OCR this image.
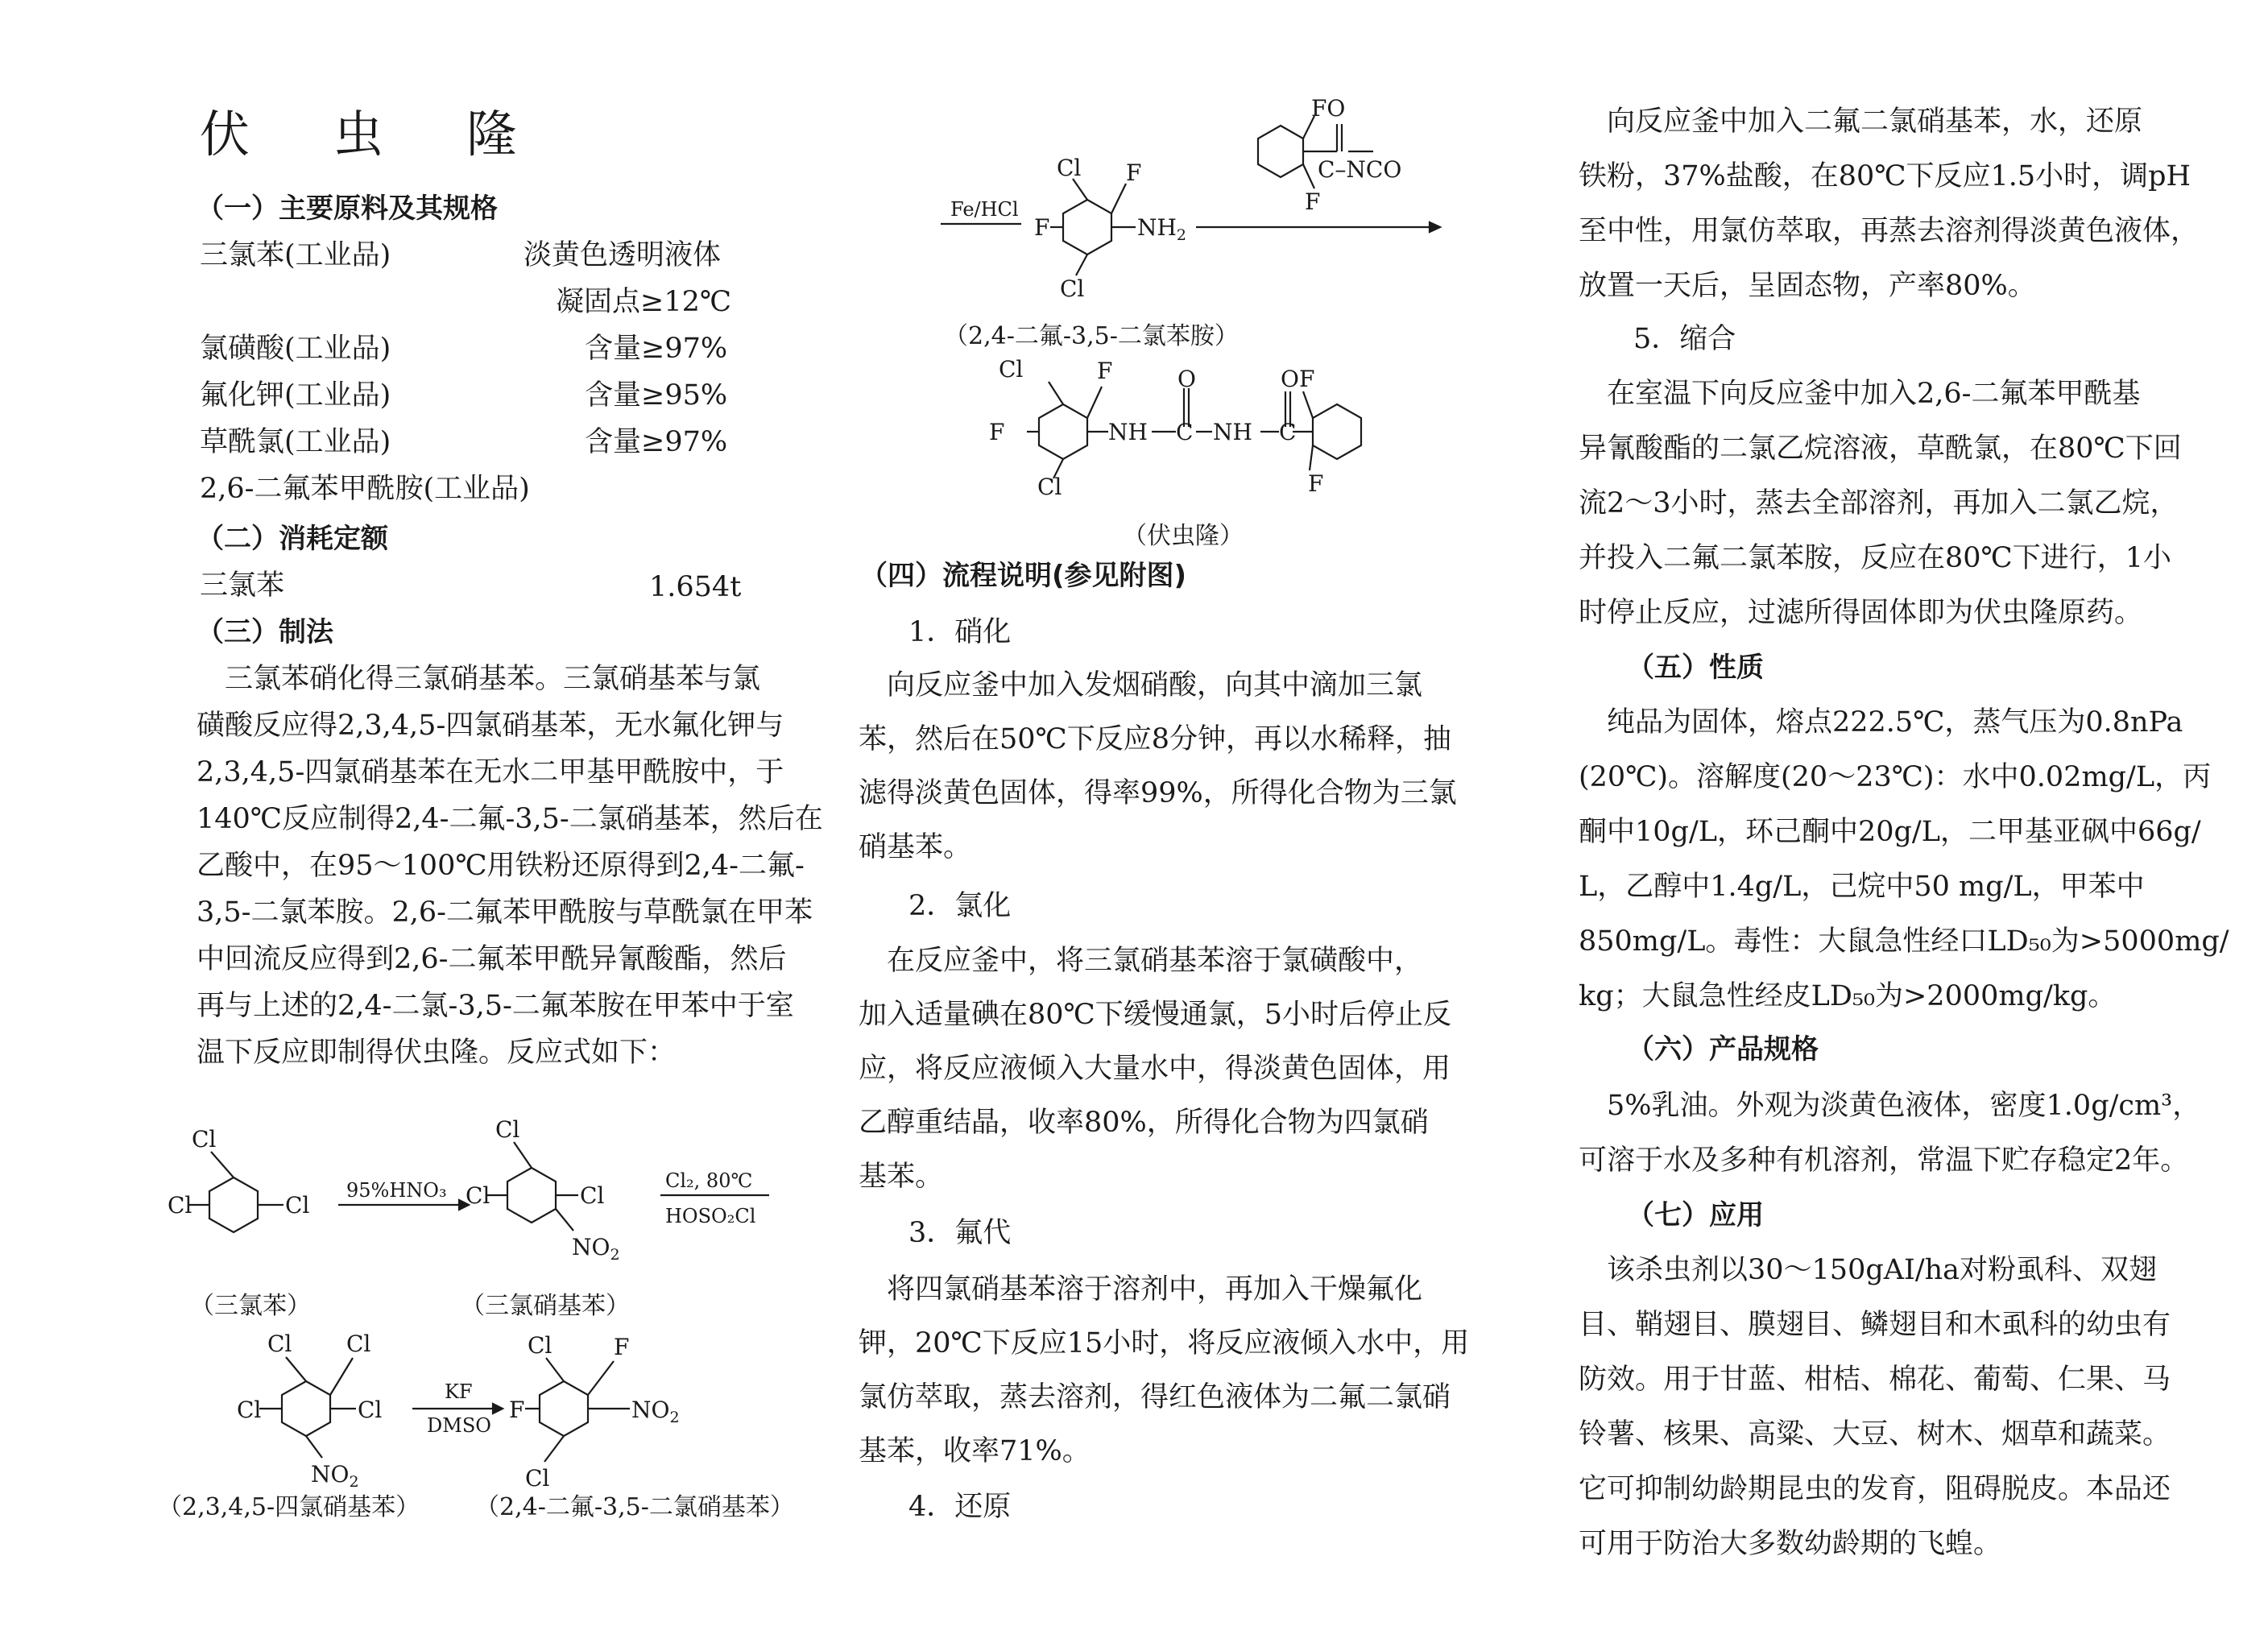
伏 虫 隆
（一）主要原料及其规格
三氯苯(工业品)	淡黄色透明液体
凝固点≥12℃
氯磺酸(工业品)	含量≥97%
氟化钾(工业品)	含量≥95%
草酰氯(工业品)	含量≥97%
2,6-二氟苯甲酰胺(工业品)
（二）消耗定额
三氯苯	1.654t
（三）制法
　三氯苯硝化得三氯硝基苯。三氯硝基苯与氯
磺酸反应得2,3,4,5-四氯硝基苯，无水氟化钾与
2,3,4,5-四氯硝基苯在无水二甲基甲酰胺中，于
140℃反应制得2,4-二氟-3,5-二氯硝基苯，然后在
乙酸中，在95～100℃用铁粉还原得到2,4-二氟-
3,5-二氯苯胺。2,6-二氟苯甲酰胺与草酰氯在甲苯
中回流反应得到2,6-二氟苯甲酰异氰酸酯，然后
再与上述的2,4-二氯-3,5-二氟苯胺在甲苯中于室
温下反应即制得伏虫隆。反应式如下：
Cl
Cl	Cl
Cl
Cl	Cl
$NO_2$
Cl Cl
Cl	Cl
$NO_2$
Cl	F
F	$NO_2$
Cl
95%HNO₃	Cl₂, 80℃
HOSO₂Cl
KF
DMSO
（三氯苯）	（三氯硝基苯）
（2,3,4,5-四氯硝基苯） （2,4-二氟-3,5-二氯硝基苯）
FO
C–NCO
F
Cl F
F	$NH_2$
Cl
Cl	F
F	NH C
O
NH C
OF
Cl	F
Fe/HCl
（2,4-二氟-3,5-二氯苯胺）
（伏虫隆）
（四）流程说明(参见附图)
1．硝化
　向反应釜中加入发烟硝酸，向其中滴加三氯
苯，然后在50℃下反应8分钟，再以水稀释，抽
滤得淡黄色固体，得率99%，所得化合物为三氯
硝基苯。
2．氯化
　在反应釜中，将三氯硝基苯溶于氯磺酸中，
加入适量碘在80℃下缓慢通氯，5小时后停止反
应，将反应液倾入大量水中，得淡黄色固体，用
乙醇重结晶，收率80%，所得化合物为四氯硝
基苯。
3．氟代
　将四氯硝基苯溶于溶剂中，再加入干燥氟化
钾，20℃下反应15小时，将反应液倾入水中，用
氯仿萃取，蒸去溶剂，得红色液体为二氟二氯硝
基苯，收率71%。
4．还原
　向反应釜中加入二氟二氯硝基苯，水，还原
铁粉，37%盐酸，在80℃下反应1.5小时，调pH
至中性，用氯仿萃取，再蒸去溶剂得淡黄色液体，
放置一天后，呈固态物，产率80%。
5．缩合
　在室温下向反应釜中加入2,6-二氟苯甲酰基
异氰酸酯的二氯乙烷溶液，草酰氯，在80℃下回
流2～3小时，蒸去全部溶剂，再加入二氯乙烷，
并投入二氟二氯苯胺，反应在80℃下进行，1小
时停止反应，过滤所得固体即为伏虫隆原药。
（五）性质
　纯品为固体，熔点222.5℃，蒸气压为0.8nPa
(20℃)。溶解度(20～23℃)：水中0.02mg/L，丙
酮中10g/L，环己酮中20g/L，二甲基亚砜中66g/
L，乙醇中1.4g/L，己烷中50 mg/L，甲苯中
850mg/L。毒性：大鼠急性经口LD₅₀为>5000mg/
kg；大鼠急性经皮LD₅₀为>2000mg/kg。
（六）产品规格
　5%乳油。外观为淡黄色液体，密度1.0g/cm³，
可溶于水及多种有机溶剂，常温下贮存稳定2年。
（七）应用
　该杀虫剂以30～150gAI/ha对粉虱科、双翅
目、鞘翅目、膜翅目、鳞翅目和木虱科的幼虫有
防效。用于甘蓝、柑桔、棉花、葡萄、仁果、马
铃薯、核果、高粱、大豆、树木、烟草和蔬菜。
它可抑制幼龄期昆虫的发育，阻碍脱皮。本品还
可用于防治大多数幼龄期的飞蝗。
